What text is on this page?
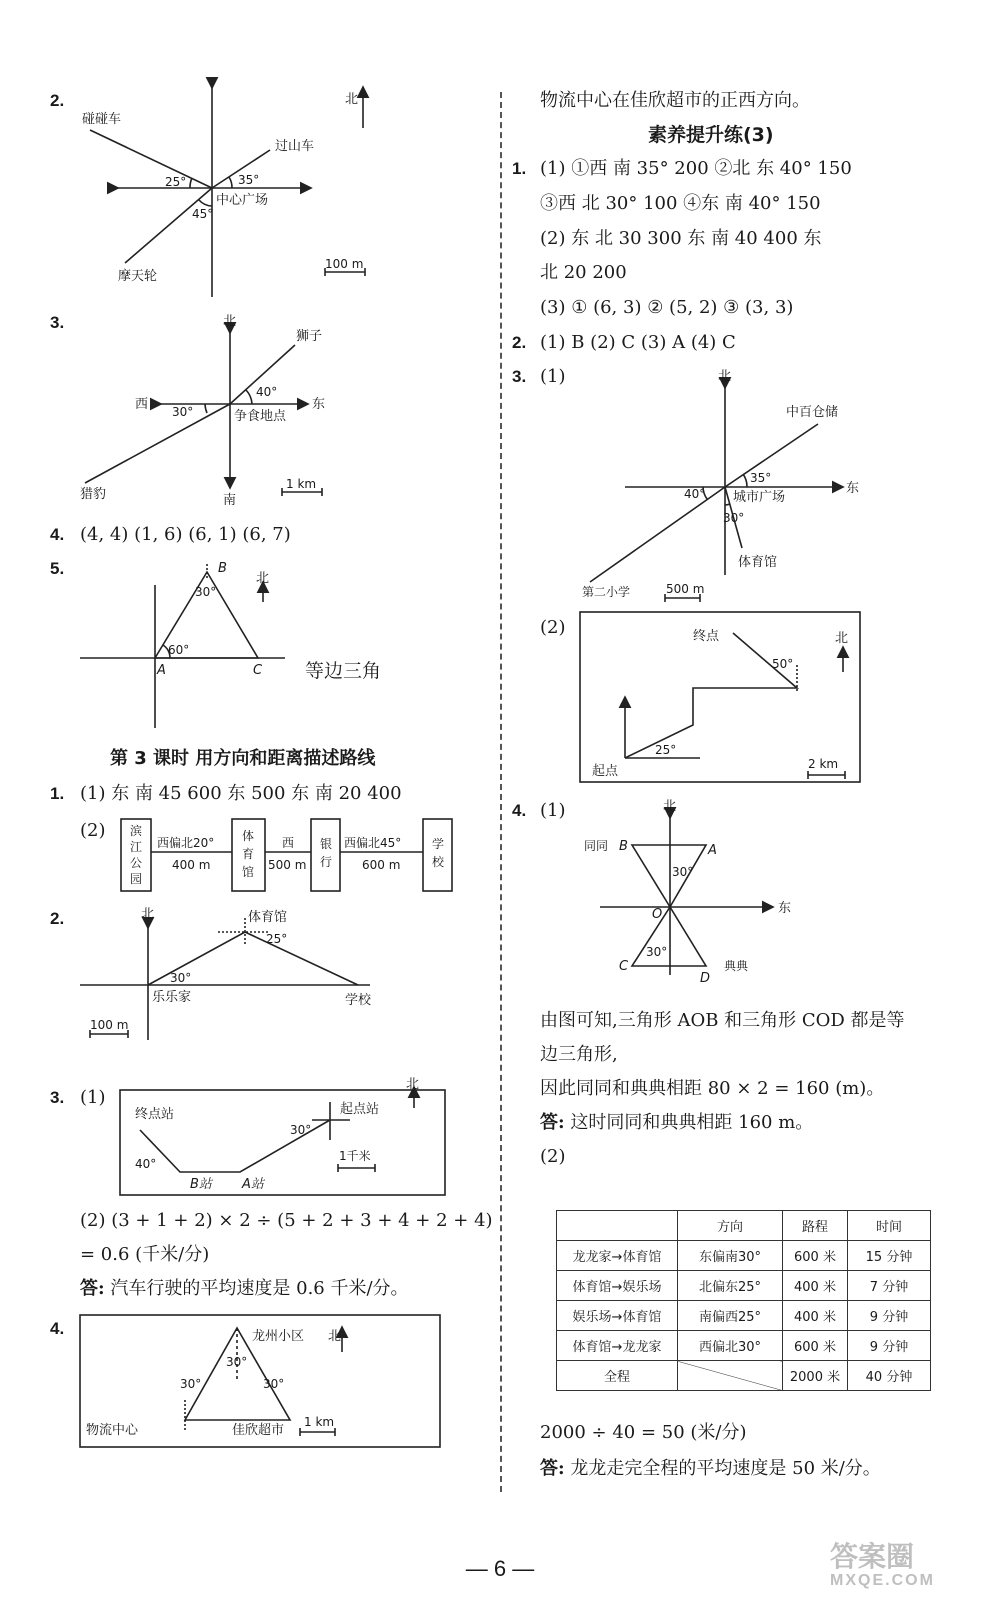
2.
3.
4. (4, 4) (1, 6) (6, 1) (6, 7)
5.
等边三角
第 3 课时 用方向和距离描述路线
1. (1) 东 南 45 600 东 500 东 南 20 400
(2)
2.
3. (1)
(2) (3 + 1 + 2) × 2 ÷ (5 + 2 + 3 + 4 + 2 + 4)
= 0.6 (千米/分)
答: 汽车行驶的平均速度是 0.6 千米/分。
4.
物流中心在佳欣超市的正西方向。
素养提升练(3)
1. (1) ①西 南 35° 200 ②北 东 40° 150
③西 北 30° 100 ④东 南 40° 150
(2) 东 北 30 300 东 南 40 400 东
北 20 200
(3) ① (6, 3) ② (5, 2) ③ (3, 3)
2. (1) B (2) C (3) A (4) C
3. (1)
(2)
4. (1)
由图可知,三角形 AOB 和三角形 COD 都是等
边三角形,
因此同同和典典相距 80 × 2 = 160 (m)。
答: 这时同同和典典相距 160 m。
(2)
	方向	路程	时间
龙龙家→体育馆	东偏南30°	600 米	15 分钟
体育馆→娱乐场	北偏东25°	400 米	7 分钟
娱乐场→体育馆	南偏西25°	400 米	9 分钟
体育馆→龙龙家	西偏北30°	600 米	9 分钟
全程		2000 米	40 分钟
2000 ÷ 40 = 50 (米/分)
答: 龙龙走完全程的平均速度是 50 米/分。
— 6 —	答案圈
MXQE.COM
北
碰碰车
过山车
中心广场
摩天轮
25°	35°
45°
100 m
北
南
西	东
狮子
争食地点
猎豹
40°
30°
1 km
B
A	C
30°
60°
北
滨江公园
体育馆
银行
学校
西偏北20°
400 m
西
500 m
西偏北45°
600 m
北	体育馆
乐乐家	学校
30°
25°
100 m
终点站	起点站
B站 A站
40°
30°
1千米
北
龙州小区
物流中心	佳欣超市
30°
30°	30°
1 km
北
北
东
中百仓储
城市广场
体育馆
第二小学
35°
40°
30°
500 m
终点
起点
50°
25°
2 km
北
北
东
同同
典典
B	A
O
C
D
30°
30°
